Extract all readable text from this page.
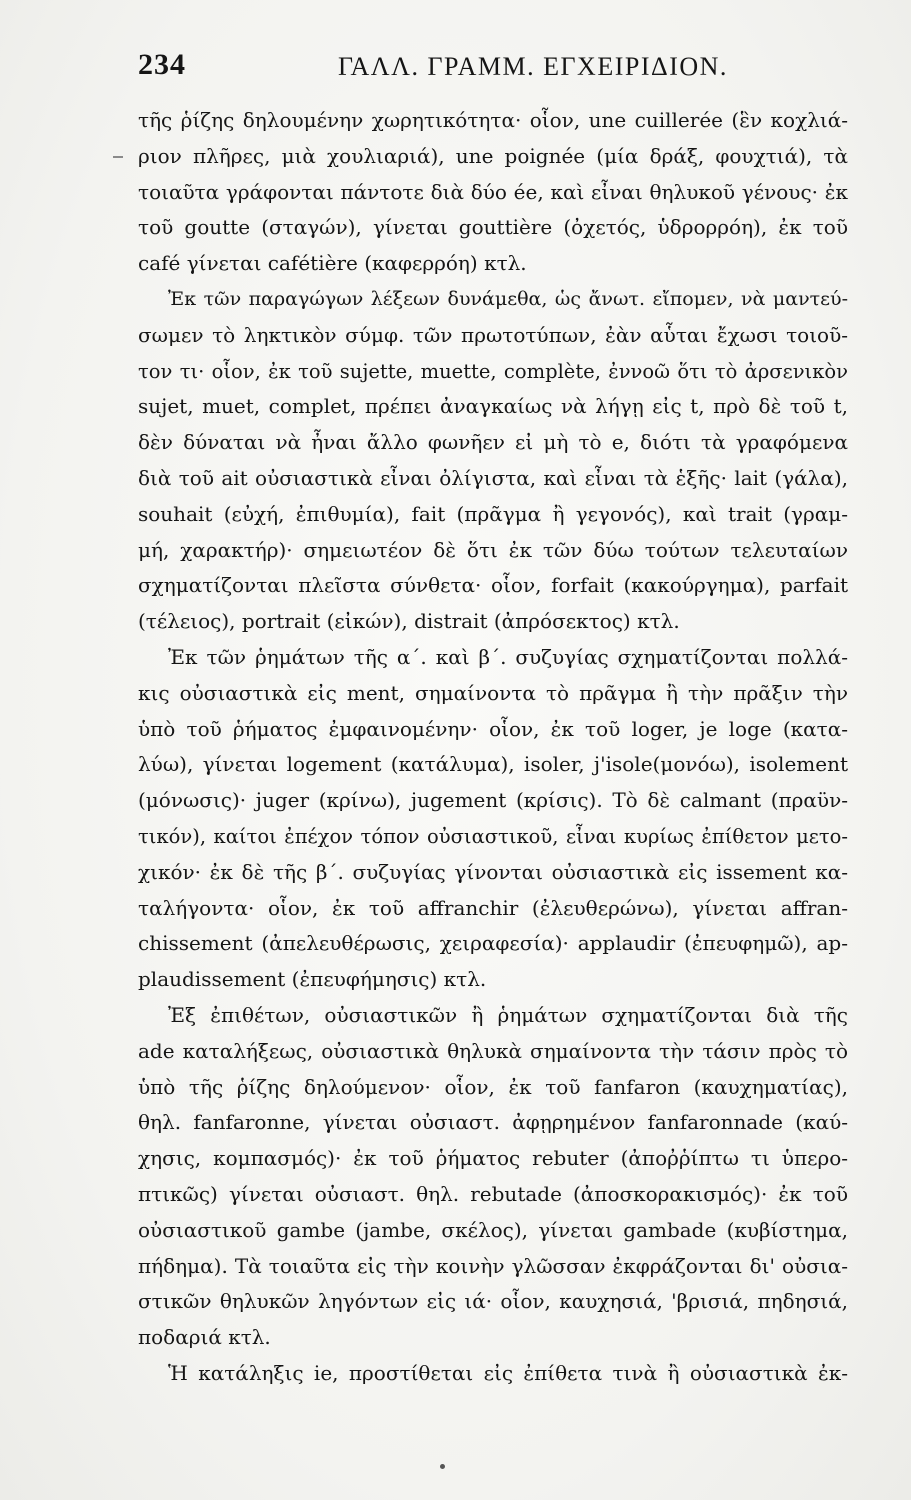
234	ΓΑΛΛ. ΓΡΑΜΜ. ΕΓΧΕΙΡΙΔΙΟΝ.
τῆς ῥίζης δηλουμένην χωρητικότητα· οἷον, une cuillerée (ἓν κοχλιά-
ριον πλῆρες, μιὰ χουλιαριά), une poignée (μία δράξ, φουχτιά), τὰ
τοιαῦτα γράφονται πάντοτε διὰ δύο ée, καὶ εἶναι θηλυκοῦ γένους· ἐκ
τοῦ goutte (σταγών), γίνεται gouttière (ὀχετός, ὑδρορρόη), ἐκ τοῦ
café γίνεται cafétière (καφερρόη) κτλ.
Ἐκ τῶν παραγώγων λέξεων δυνάμεθα, ὡς ἄνωτ. εἴπομεν, νὰ μαντεύ-
σωμεν τὸ ληκτικὸν σύμφ. τῶν πρωτοτύπων, ἐὰν αὗται ἔχωσι τοιοῦ-
τον τι· οἷον, ἐκ τοῦ sujette, muette, complète, ἐννοῶ ὅτι τὸ ἀρσενικὸν
sujet, muet, complet, πρέπει ἀναγκαίως νὰ λήγῃ εἰς t, πρὸ δὲ τοῦ t,
δὲν δύναται νὰ ἦναι ἄλλο φωνῆεν εἰ μὴ τὸ e, διότι τὰ γραφόμενα
διὰ τοῦ ait οὐσιαστικὰ εἶναι ὀλίγιστα, καὶ εἶναι τὰ ἑξῆς· lait (γάλα),
souhait (εὐχή, ἐπιθυμία), fait (πρᾶγμα ἢ γεγονός), καὶ trait (γραμ-
μή, χαρακτήρ)· σημειωτέον δὲ ὅτι ἐκ τῶν δύω τούτων τελευταίων
σχηματίζονται πλεῖστα σύνθετα· οἷον, forfait (κακούργημα), parfait
(τέλειος), portrait (εἰκών), distrait (ἀπρόσεκτος) κτλ.
Ἐκ τῶν ῥημάτων τῆς α΄. καὶ β΄. συζυγίας σχηματίζονται πολλά-
κις οὐσιαστικὰ εἰς ment, σημαίνοντα τὸ πρᾶγμα ἢ τὴν πρᾶξιν τὴν
ὑπὸ τοῦ ῥήματος ἐμφαινομένην· οἷον, ἐκ τοῦ loger, je loge (κατα-
λύω), γίνεται logement (κατάλυμα), isoler, j'isole(μονόω), isolement
(μόνωσις)· juger (κρίνω), jugement (κρίσις). Τὸ δὲ calmant (πραϋν-
τικόν), καίτοι ἐπέχον τόπον οὐσιαστικοῦ, εἶναι κυρίως ἐπίθετον μετο-
χικόν· ἐκ δὲ τῆς β΄. συζυγίας γίνονται οὐσιαστικὰ εἰς issement κα-
ταλήγοντα· οἷον, ἐκ τοῦ affranchir (ἐλευθερώνω), γίνεται affran-
chissement (ἀπελευθέρωσις, χειραφεσία)· applaudir (ἐπευφημῶ), ap-
plaudissement (ἐπευφήμησις) κτλ.
Ἐξ ἐπιθέτων, οὐσιαστικῶν ἢ ῥημάτων σχηματίζονται διὰ τῆς
ade καταλήξεως, οὐσιαστικὰ θηλυκὰ σημαίνοντα τὴν τάσιν πρὸς τὸ
ὑπὸ τῆς ῥίζης δηλούμενον· οἷον, ἐκ τοῦ fanfaron (καυχηματίας),
θηλ. fanfaronne, γίνεται οὐσιαστ. ἀφῃρημένον fanfaronnade (καύ-
χησις, κομπασμός)· ἐκ τοῦ ῥήματος rebuter (ἀποῤῥίπτω τι ὑπερο-
πτικῶς) γίνεται οὐσιαστ. θηλ. rebutade (ἀποσκορακισμός)· ἐκ τοῦ
οὐσιαστικοῦ gambe (jambe, σκέλος), γίνεται gambade (κυβίστημα,
πήδημα). Τὰ τοιαῦτα εἰς τὴν κοινὴν γλῶσσαν ἐκφράζονται δι' οὐσια-
στικῶν θηλυκῶν ληγόντων εἰς ιά· οἷον, καυχησιά, 'βρισιά, πηδησιά,
ποδαριά κτλ.
Ἡ κατάληξις ie, προστίθεται εἰς ἐπίθετα τινὰ ἢ οὐσιαστικὰ ἐκ-
